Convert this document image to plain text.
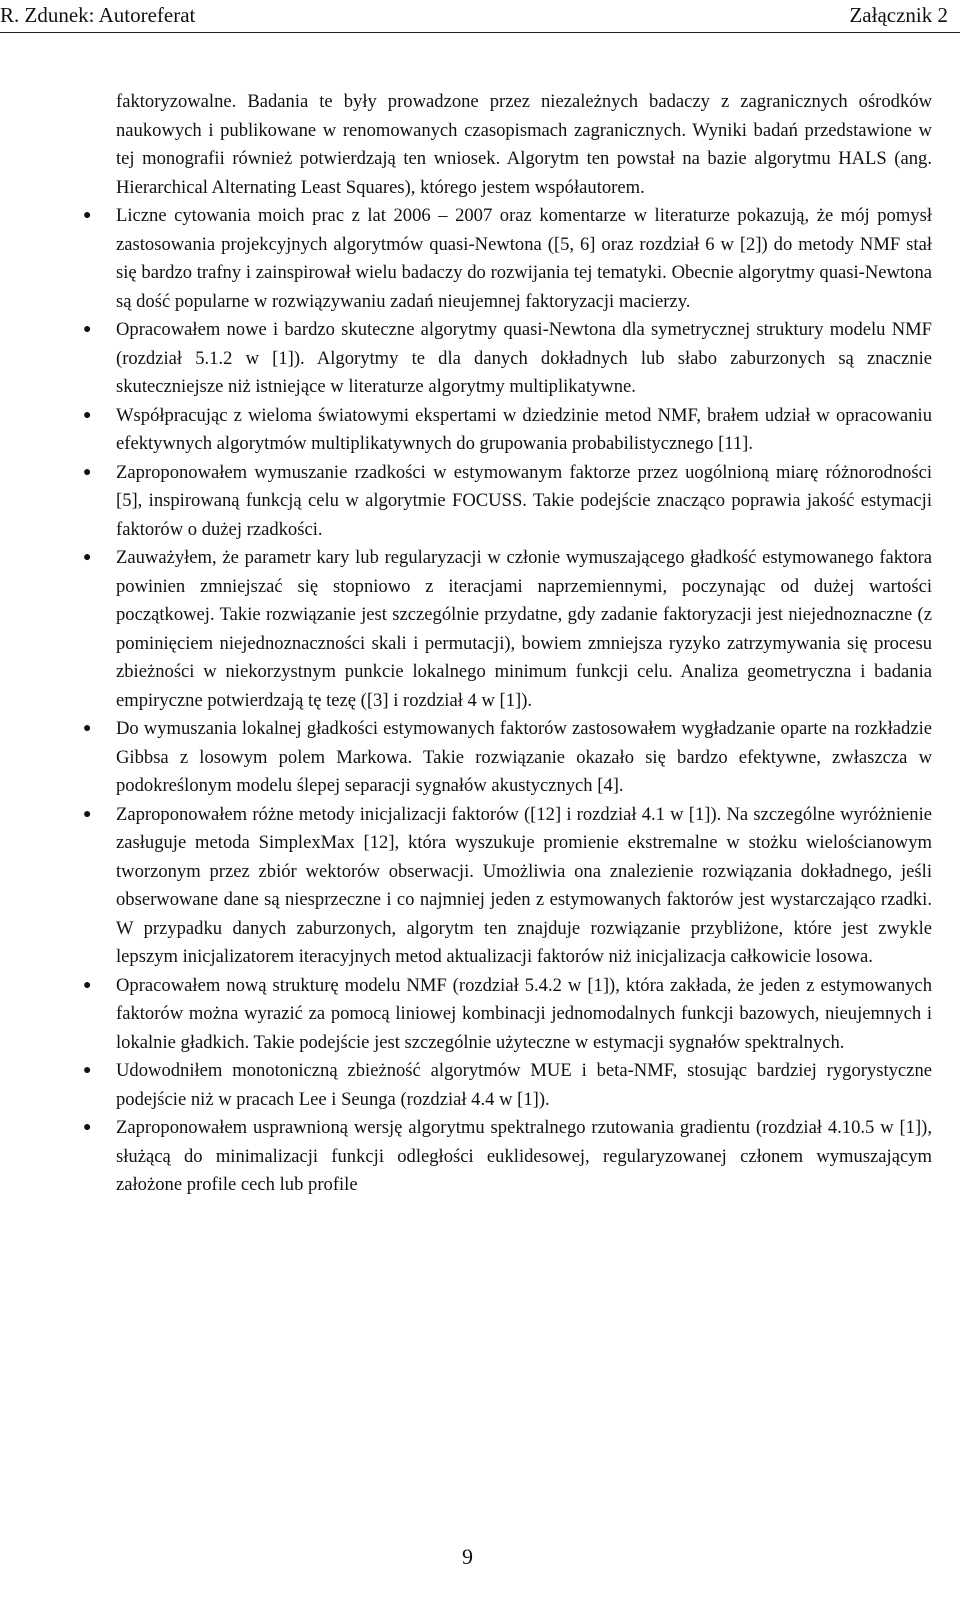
R. Zdunek: Autoreferat	Załącznik 2

faktoryzowalne. Badania te były prowadzone przez niezależnych badaczy z zagranicznych ośrodków naukowych i publikowane w renomowanych czasopismach zagranicznych. Wyniki badań przedstawione w tej monografii również potwierdzają ten wniosek. Algorytm ten powstał na bazie algorytmu HALS (ang. Hierarchical Alternating Least Squares), którego jestem współautorem.

● Liczne cytowania moich prac z lat 2006 – 2007 oraz komentarze w literaturze pokazują, że mój pomysł zastosowania projekcyjnych algorytmów quasi-Newtona ([5, 6] oraz rozdział 6 w [2]) do metody NMF stał się bardzo trafny i zainspirował wielu badaczy do rozwijania tej tematyki. Obecnie algorytmy quasi-Newtona są dość popularne w rozwiązywaniu zadań nieujemnej faktoryzacji macierzy.
● Opracowałem nowe i bardzo skuteczne algorytmy quasi-Newtona dla symetrycznej struktury modelu NMF (rozdział 5.1.2 w [1]). Algorytmy te dla danych dokładnych lub słabo zaburzonych są znacznie skuteczniejsze niż istniejące w literaturze algorytmy multiplikatywne.
● Współpracując z wieloma światowymi ekspertami w dziedzinie metod NMF, brałem udział w opracowaniu efektywnych algorytmów multiplikatywnych do grupowania probabilistycznego [11].
● Zaproponowałem wymuszanie rzadkości w estymowanym faktorze przez uogólnioną miarę różnorodności [5], inspirowaną funkcją celu w algorytmie FOCUSS. Takie podejście znacząco poprawia jakość estymacji faktorów o dużej rzadkości.
● Zauważyłem, że parametr kary lub regularyzacji w członie wymuszającego gładkość estymowanego faktora powinien zmniejszać się stopniowo z iteracjami naprzemiennymi, poczynając od dużej wartości początkowej. Takie rozwiązanie jest szczególnie przydatne, gdy zadanie faktoryzacji jest niejednoznaczne (z pominięciem niejednoznaczności skali i permutacji), bowiem zmniejsza ryzyko zatrzymywania się procesu zbieżności w niekorzystnym punkcie lokalnego minimum funkcji celu. Analiza geometryczna i badania empiryczne potwierdzają tę tezę ([3] i rozdział 4 w [1]).
● Do wymuszania lokalnej gładkości estymowanych faktorów zastosowałem wygładzanie oparte na rozkładzie Gibbsa z losowym polem Markowa. Takie rozwiązanie okazało się bardzo efektywne, zwłaszcza w podokreślonym modelu ślepej separacji sygnałów akustycznych [4].
● Zaproponowałem różne metody inicjalizacji faktorów ([12] i rozdział 4.1 w [1]). Na szczególne wyróżnienie zasługuje metoda SimplexMax [12], która wyszukuje promienie ekstremalne w stożku wielościanowym tworzonym przez zbiór wektorów obserwacji. Umożliwia ona znalezienie rozwiązania dokładnego, jeśli obserwowane dane są niesprzeczne i co najmniej jeden z estymowanych faktorów jest wystarczająco rzadki. W przypadku danych zaburzonych, algorytm ten znajduje rozwiązanie przybliżone, które jest zwykle lepszym inicjalizatorem iteracyjnych metod aktualizacji faktorów niż inicjalizacja całkowicie losowa.
● Opracowałem nową strukturę modelu NMF (rozdział 5.4.2 w [1]), która zakłada, że jeden z estymowanych faktorów można wyrazić za pomocą liniowej kombinacji jednomodalnych funkcji bazowych, nieujemnych i lokalnie gładkich. Takie podejście jest szczególnie użyteczne w estymacji sygnałów spektralnych.
● Udowodniłem monotoniczną zbieżność algorytmów MUE i beta-NMF, stosując bardziej rygorystyczne podejście niż w pracach Lee i Seunga (rozdział 4.4 w [1]).
● Zaproponowałem usprawnioną wersję algorytmu spektralnego rzutowania gradientu (rozdział 4.10.5 w [1]), służącą do minimalizacji funkcji odległości euklidesowej, regularyzowanej członem wymuszającym założone profile cech lub profile
9
